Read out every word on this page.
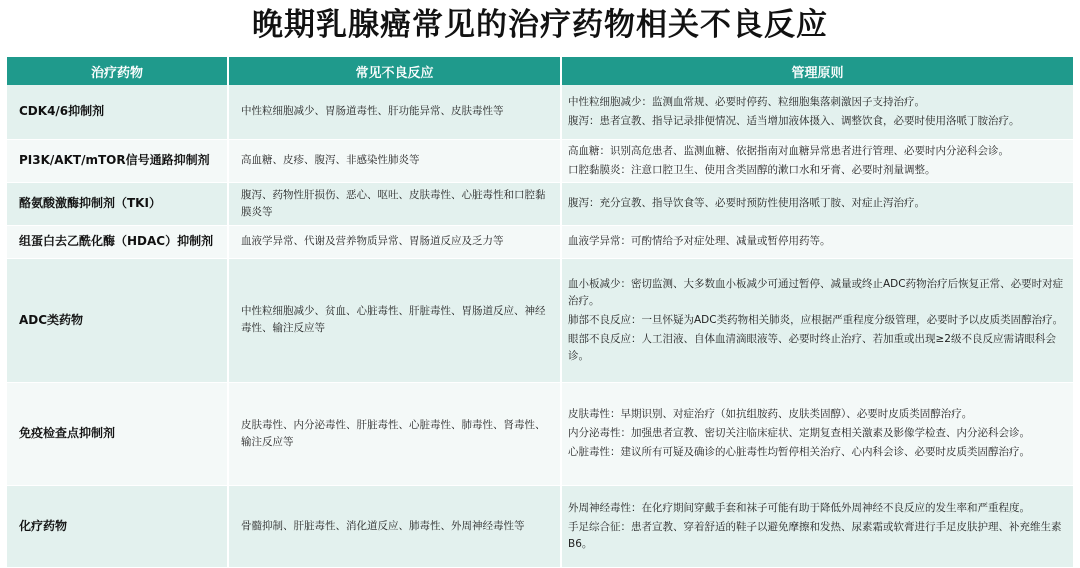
晚期乳腺癌常见的治疗药物相关不良反应
治疗药物	常见不良反应	管理原则
CDK4/6抑制剂	中性粒细胞减少、胃肠道毒性、肝功能异常、皮肤毒性等	中性粒细胞减少：监测血常规、必要时停药、粒细胞集落刺激因子支持治疗。
腹泻：患者宣教、指导记录排便情况、适当增加液体摄入、调整饮食，必要时使用洛哌丁胺治疗。

PI3K/AKT/mTOR信号通路抑制剂	高血糖、皮疹、腹泻、非感染性肺炎等	高血糖：识别高危患者、监测血糖、依据指南对血糖异常患者进行管理、必要时内分泌科会诊。
口腔黏膜炎：注意口腔卫生、使用含类固醇的漱口水和牙膏、必要时剂量调整。

酪氨酸激酶抑制剂（TKI）	腹泻、药物性肝损伤、恶心、呕吐、皮肤毒性、心脏毒性和口腔黏膜炎等	腹泻：充分宣教、指导饮食等、必要时预防性使用洛哌丁胺、对症止泻治疗。

组蛋白去乙酰化酶（HDAC）抑制剂	血液学异常、代谢及营养物质异常、胃肠道反应及乏力等	血液学异常：可酌情给予对症处理、减量或暂停用药等。

ADC类药物	中性粒细胞减少、贫血、心脏毒性、肝脏毒性、胃肠道反应、神经毒性、输注反应等	血小板减少：密切监测、大多数血小板减少可通过暂停、减量或终止ADC药物治疗后恢复正常、必要时对症治疗。
肺部不良反应：一旦怀疑为ADC类药物相关肺炎，应根据严重程度分级管理，必要时予以皮质类固醇治疗。
眼部不良反应：人工泪液、自体血清滴眼液等、必要时终止治疗、若加重或出现≥2级不良反应需请眼科会诊。

免疫检查点抑制剂	皮肤毒性、内分泌毒性、肝脏毒性、心脏毒性、肺毒性、肾毒性、输注反应等	皮肤毒性：早期识别、对症治疗（如抗组胺药、皮肤类固醇）、必要时皮质类固醇治疗。
内分泌毒性：加强患者宣教、密切关注临床症状、定期复查相关激素及影像学检查、内分泌科会诊。
心脏毒性：建议所有可疑及确诊的心脏毒性均暂停相关治疗、心内科会诊、必要时皮质类固醇治疗。

化疗药物	骨髓抑制、肝脏毒性、消化道反应、肺毒性、外周神经毒性等	外周神经毒性：在化疗期间穿戴手套和袜子可能有助于降低外周神经不良反应的发生率和严重程度。
手足综合征：患者宣教、穿着舒适的鞋子以避免摩擦和发热、尿素霜或软膏进行手足皮肤护理、补充维生素B6。
